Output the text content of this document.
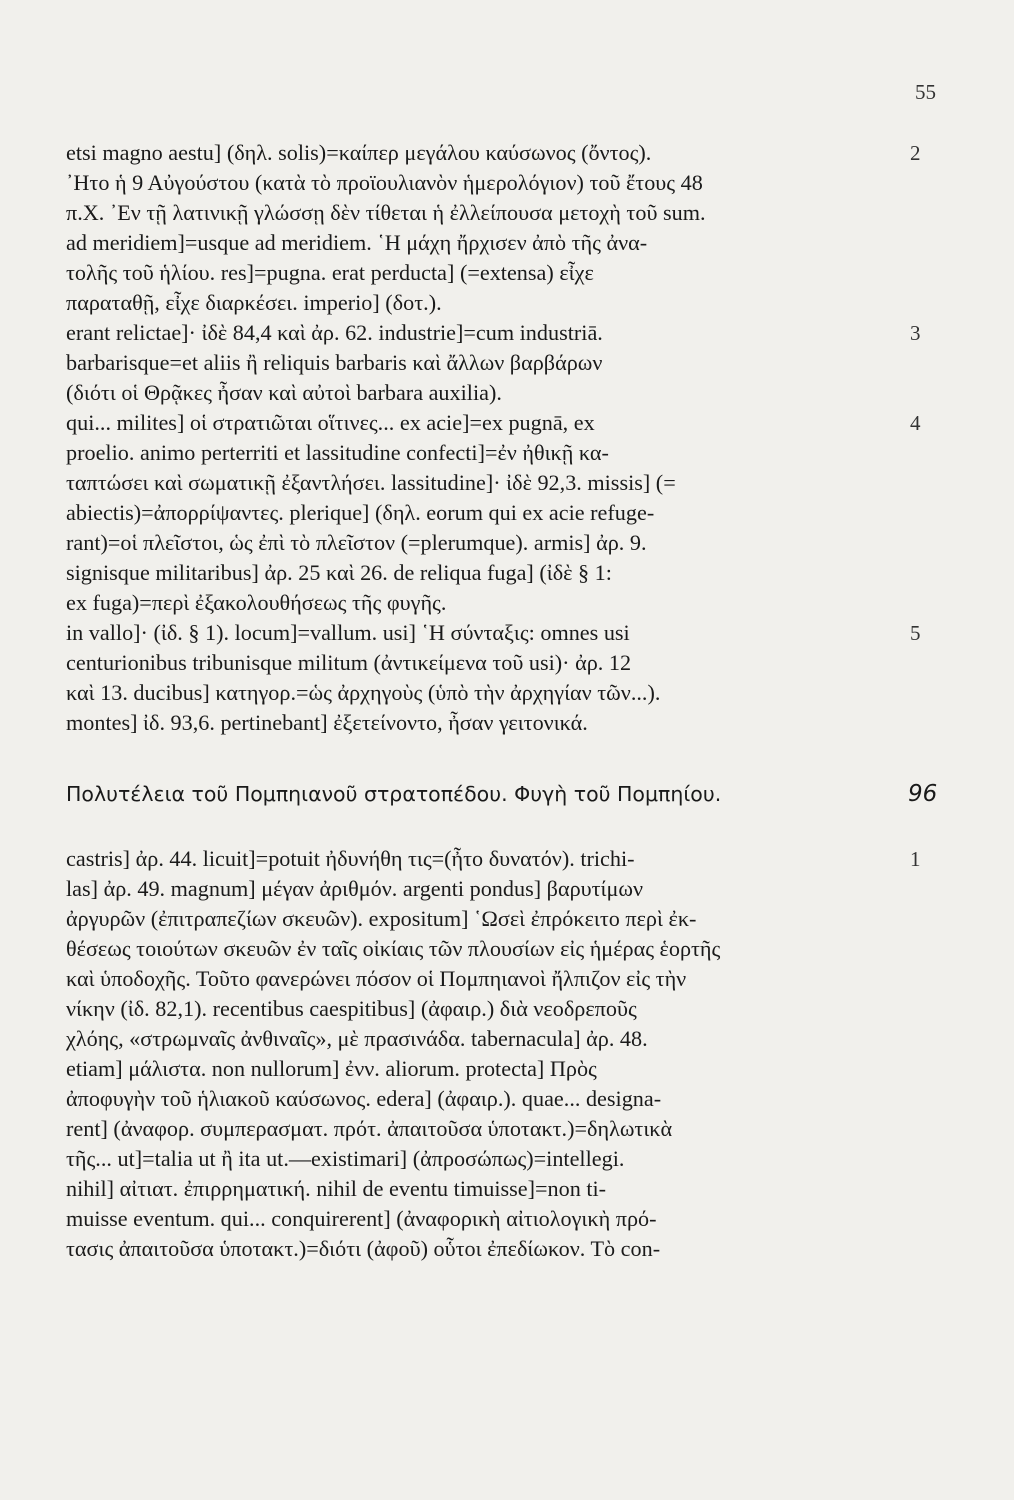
55
etsi magno aestu] (δηλ. solis)=καίπερ μεγάλου καύσωνος (ὄντος).	2
᾿Ητο ἡ 9 Αὐγούστου (κατὰ τὸ προϊουλιανὸν ἡμερολόγιον) τοῦ ἔτους 48
π.Χ. ᾿Εν τῇ λατινικῇ γλώσσῃ δὲν τίθεται ἡ ἐλλείπουσα μετοχὴ τοῦ sum.
ad meridiem]=usque ad meridiem. ῾Η μάχη ἤρχισεν ἀπὸ τῆς ἀνα-
τολῆς τοῦ ἡλίου. res]=pugna. erat perducta] (=extensa) εἶχε
παραταθῇ, εἶχε διαρκέσει. imperio] (δοτ.).
erant relictae]· ἰδὲ 84,4 καὶ ἀρ. 62. industrie]=cum industriā.	3
barbarisque=et aliis ἢ reliquis barbaris καὶ ἄλλων βαρβάρων
(διότι οἱ Θρᾷκες ἦσαν καὶ αὐτοὶ barbara auxilia).
qui... milites] οἱ στρατιῶται οἵτινες... ex acie]=ex pugnā, ex	4
proelio. animo perterriti et lassitudine confecti]=ἐν ἠθικῇ κα-
ταπτώσει καὶ σωματικῇ ἐξαντλήσει. lassitudine]· ἰδὲ 92,3. missis] (=
abiectis)=ἀπορρίψαντες. plerique] (δηλ. eorum qui ex acie refuge-
rant)=οἱ πλεῖστοι, ὡς ἐπὶ τὸ πλεῖστον (=plerumque). armis] ἀρ. 9.
signisque militaribus] ἀρ. 25 καὶ 26. de reliqua fuga] (ἰδὲ § 1:
ex fuga)=περὶ ἐξακολουθήσεως τῆς φυγῆς.
in vallo]· (ἰδ. § 1). locum]=vallum. usi] ῾Η σύνταξις: omnes usi	5
centurionibus tribunisque militum (ἀντικείμενα τοῦ usi)· ἀρ. 12
καὶ 13. ducibus] κατηγορ.=ὡς ἀρχηγοὺς (ὑπὸ τὴν ἀρχηγίαν τῶν...).
montes] ἰδ. 93,6. pertinebant] ἐξετείνοντο, ἦσαν γειτονικά.
Πολυτέλεια τοῦ Πομπηιανοῦ στρατοπέδου. Φυγὴ τοῦ Πομπηίου.	96
castris] ἀρ. 44. licuit]=potuit ἠδυνήθη τις=(ἦτο δυνατόν). trichi-	1
las] ἀρ. 49. magnum] μέγαν ἀριθμόν. argenti pondus] βαρυτίμων
ἀργυρῶν (ἐπιτραπεζίων σκευῶν). expositum] ῾Ωσεὶ ἐπρόκειτο περὶ ἐκ-
θέσεως τοιούτων σκευῶν ἐν ταῖς οἰκίαις τῶν πλουσίων εἰς ἡμέρας ἑορτῆς
καὶ ὑποδοχῆς. Τοῦτο φανερώνει πόσον οἱ Πομπηιανοὶ ἤλπιζον εἰς τὴν
νίκην (ἰδ. 82,1). recentibus caespitibus] (ἀφαιρ.) διὰ νεοδρεποῦς
χλόης, «στρωμναῖς ἀνθιναῖς», μὲ πρασινάδα. tabernacula] ἀρ. 48.
etiam] μάλιστα. non nullorum] ἐνν. aliorum. protecta] Πρὸς
ἀποφυγὴν τοῦ ἡλιακοῦ καύσωνος. edera] (ἀφαιρ.). quae... designa-
rent] (ἀναφορ. συμπερασματ. πρότ. ἀπαιτοῦσα ὑποτακτ.)=δηλωτικὰ
τῆς... ut]=talia ut ἢ ita ut.—existimari] (ἀπροσώπως)=intellegi.
nihil] αἰτιατ. ἐπιρρηματική. nihil de eventu timuisse]=non ti-
muisse eventum. qui... conquirerent] (ἀναφορικὴ αἰτιολογικὴ πρό-
τασις ἀπαιτοῦσα ὑποτακτ.)=διότι (ἀφοῦ) οὗτοι ἐπεδίωκον. Τὸ con-
